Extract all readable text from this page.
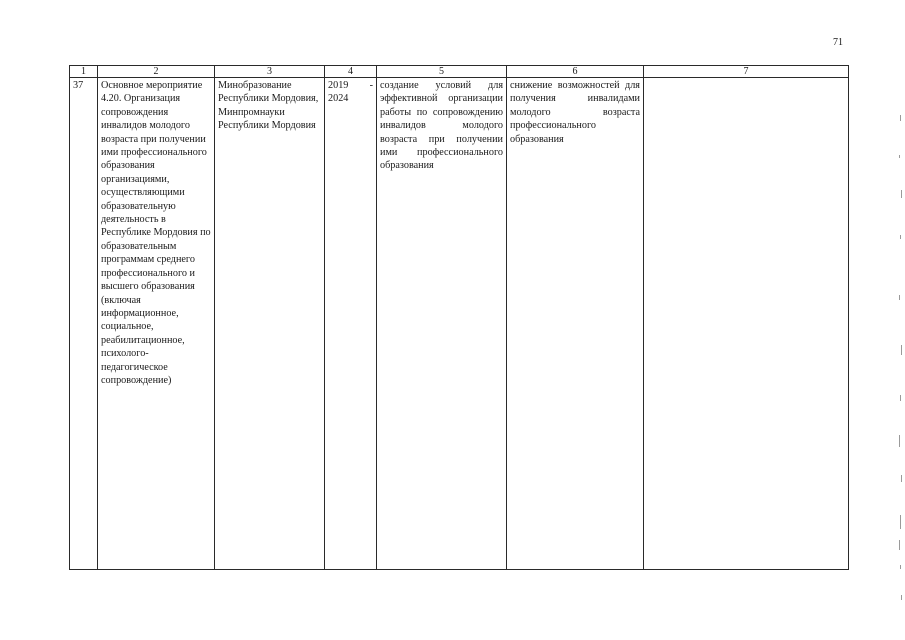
71
1	2	3	4	5	6	7
37	Основное мероприятие 4.20. Организация сопровождения инвалидов молодого возраста при получении ими профессионального образования организациями, осуществляющими образовательную деятельность в Республике Мордовия по образовательным программам среднего профессионального и высшего образования (включая информационное, социальное, реабилитационное, психолого-педагогическое сопровождение)	Минобразование Республики Мордовия, Минпромнауки Республики Мордовия	2019 - 2024	создание условий для эффективной организации работы по сопровождению инвалидов молодого возраста при получении ими профессионального образования	снижение возможностей для получения инвалидами молодого возраста профессионального образования	
